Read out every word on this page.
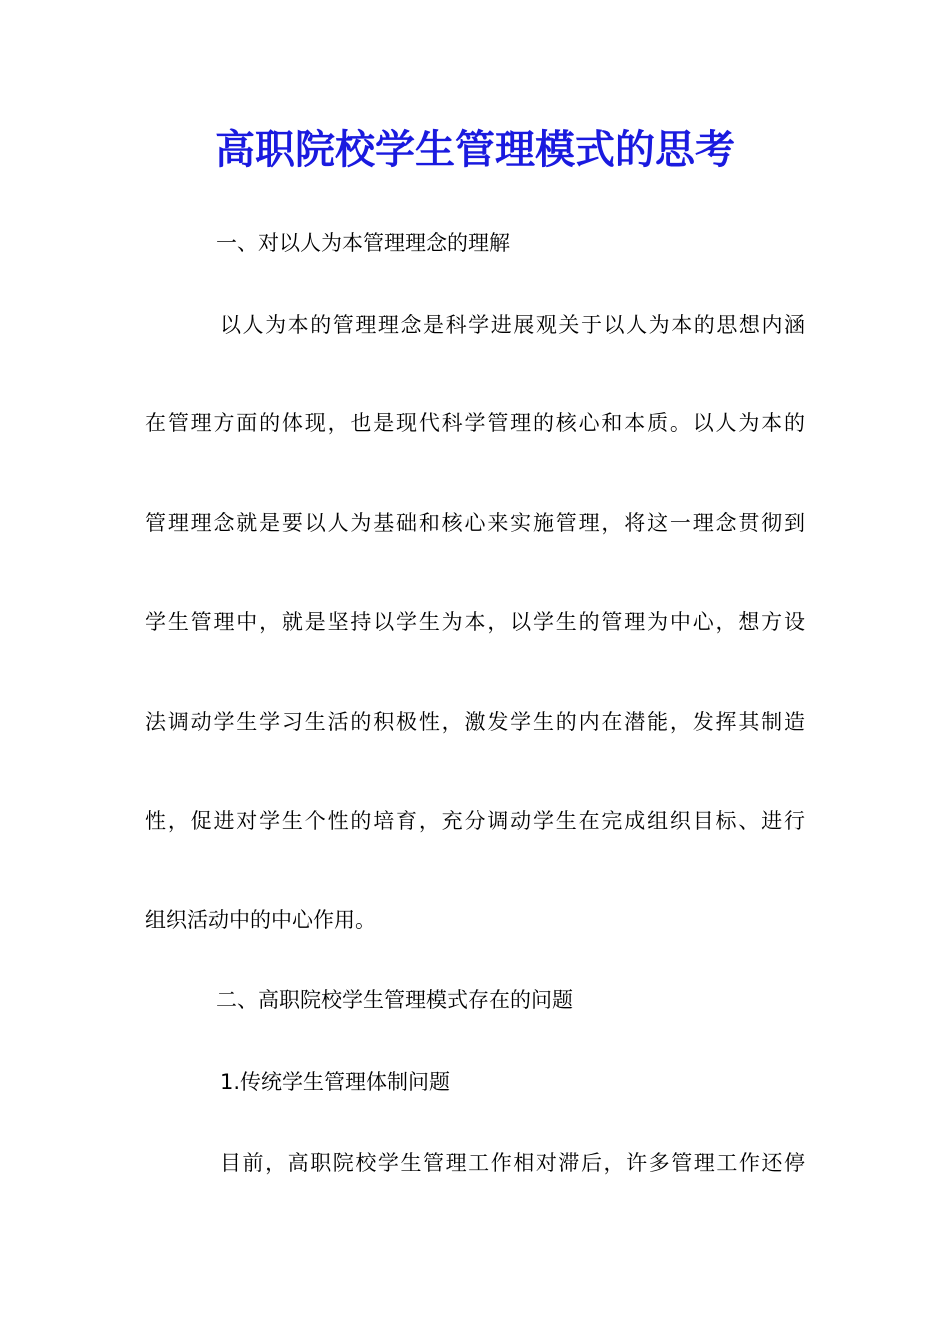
高职院校学生管理模式的思考

一、对以人为本管理理念的理解

以人为本的管理理念是科学进展观关于以人为本的思想内涵

在管理方面的体现，也是现代科学管理的核心和本质。以人为本的

管理理念就是要以人为基础和核心来实施管理，将这一理念贯彻到

学生管理中，就是坚持以学生为本，以学生的管理为中心，想方设

法调动学生学习生活的积极性，激发学生的内在潜能，发挥其制造

性，促进对学生个性的培育，充分调动学生在完成组织目标、进行

组织活动中的中心作用。

二、高职院校学生管理模式存在的问题

1.传统学生管理体制问题

目前，高职院校学生管理工作相对滞后，许多管理工作还停
